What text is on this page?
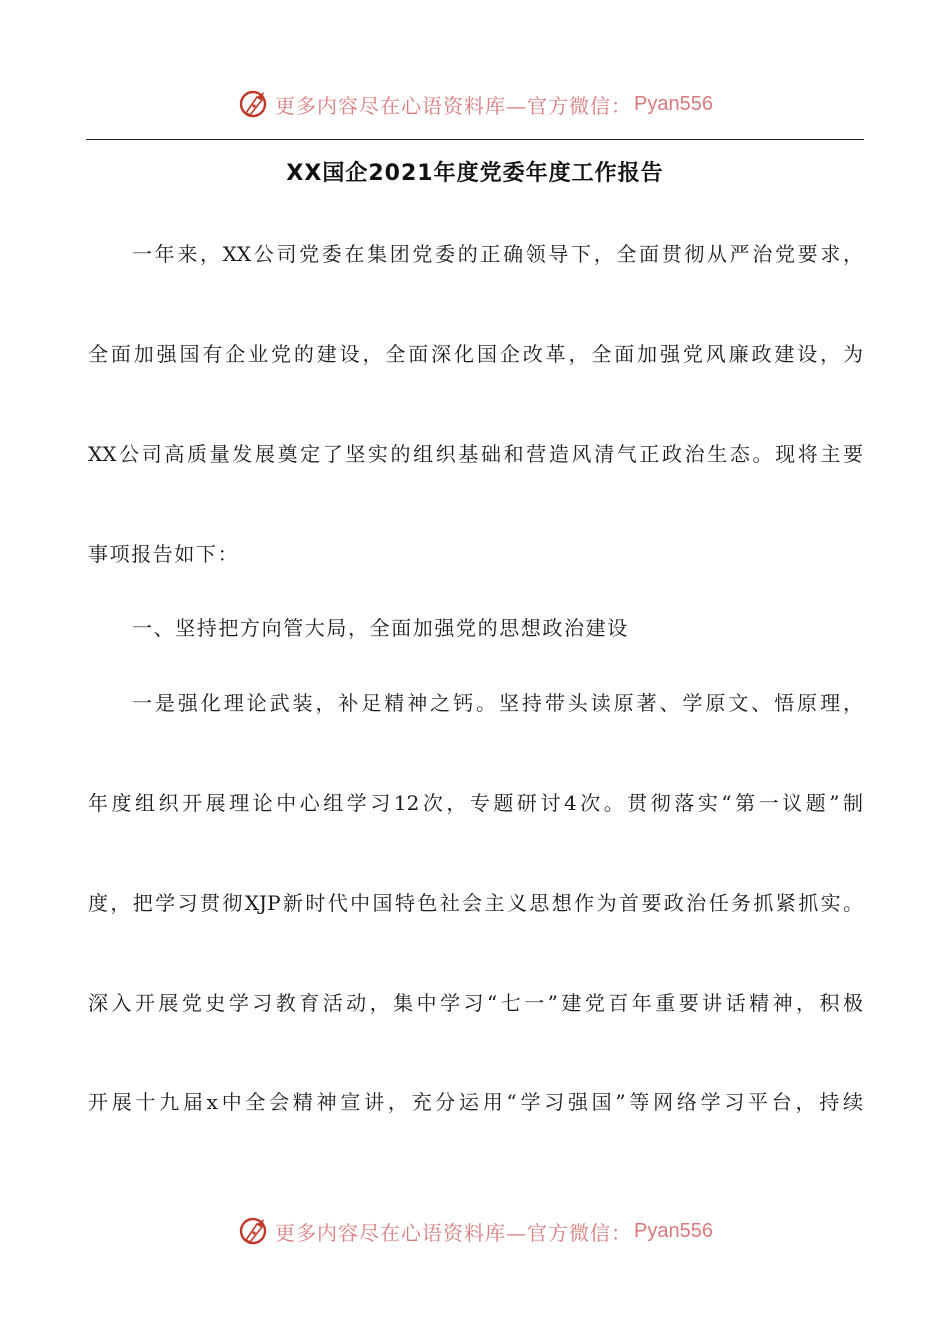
更多内容尽在心语资料库—官方微信： Pyan556
XX国企2021年度党委年度工作报告
一年来，XX公司党委在集团党委的正确领导下，全面贯彻从严治党要求，
全面加强国有企业党的建设，全面深化国企改革，全面加强党风廉政建设，为
XX公司高质量发展奠定了坚实的组织基础和营造风清气正政治生态。现将主要
事项报告如下：
一、坚持把方向管大局，全面加强党的思想政治建设
一是强化理论武装，补足精神之钙。坚持带头读原著、学原文、悟原理，
年度组织开展理论中心组学习12次，专题研讨4次。贯彻落实“第一议题”制
度，把学习贯彻XJP新时代中国特色社会主义思想作为首要政治任务抓紧抓实。
深入开展党史学习教育活动，集中学习“七一”建党百年重要讲话精神，积极
开展十九届x中全会精神宣讲，充分运用“学习强国”等网络学习平台，持续
更多内容尽在心语资料库—官方微信： Pyan556
